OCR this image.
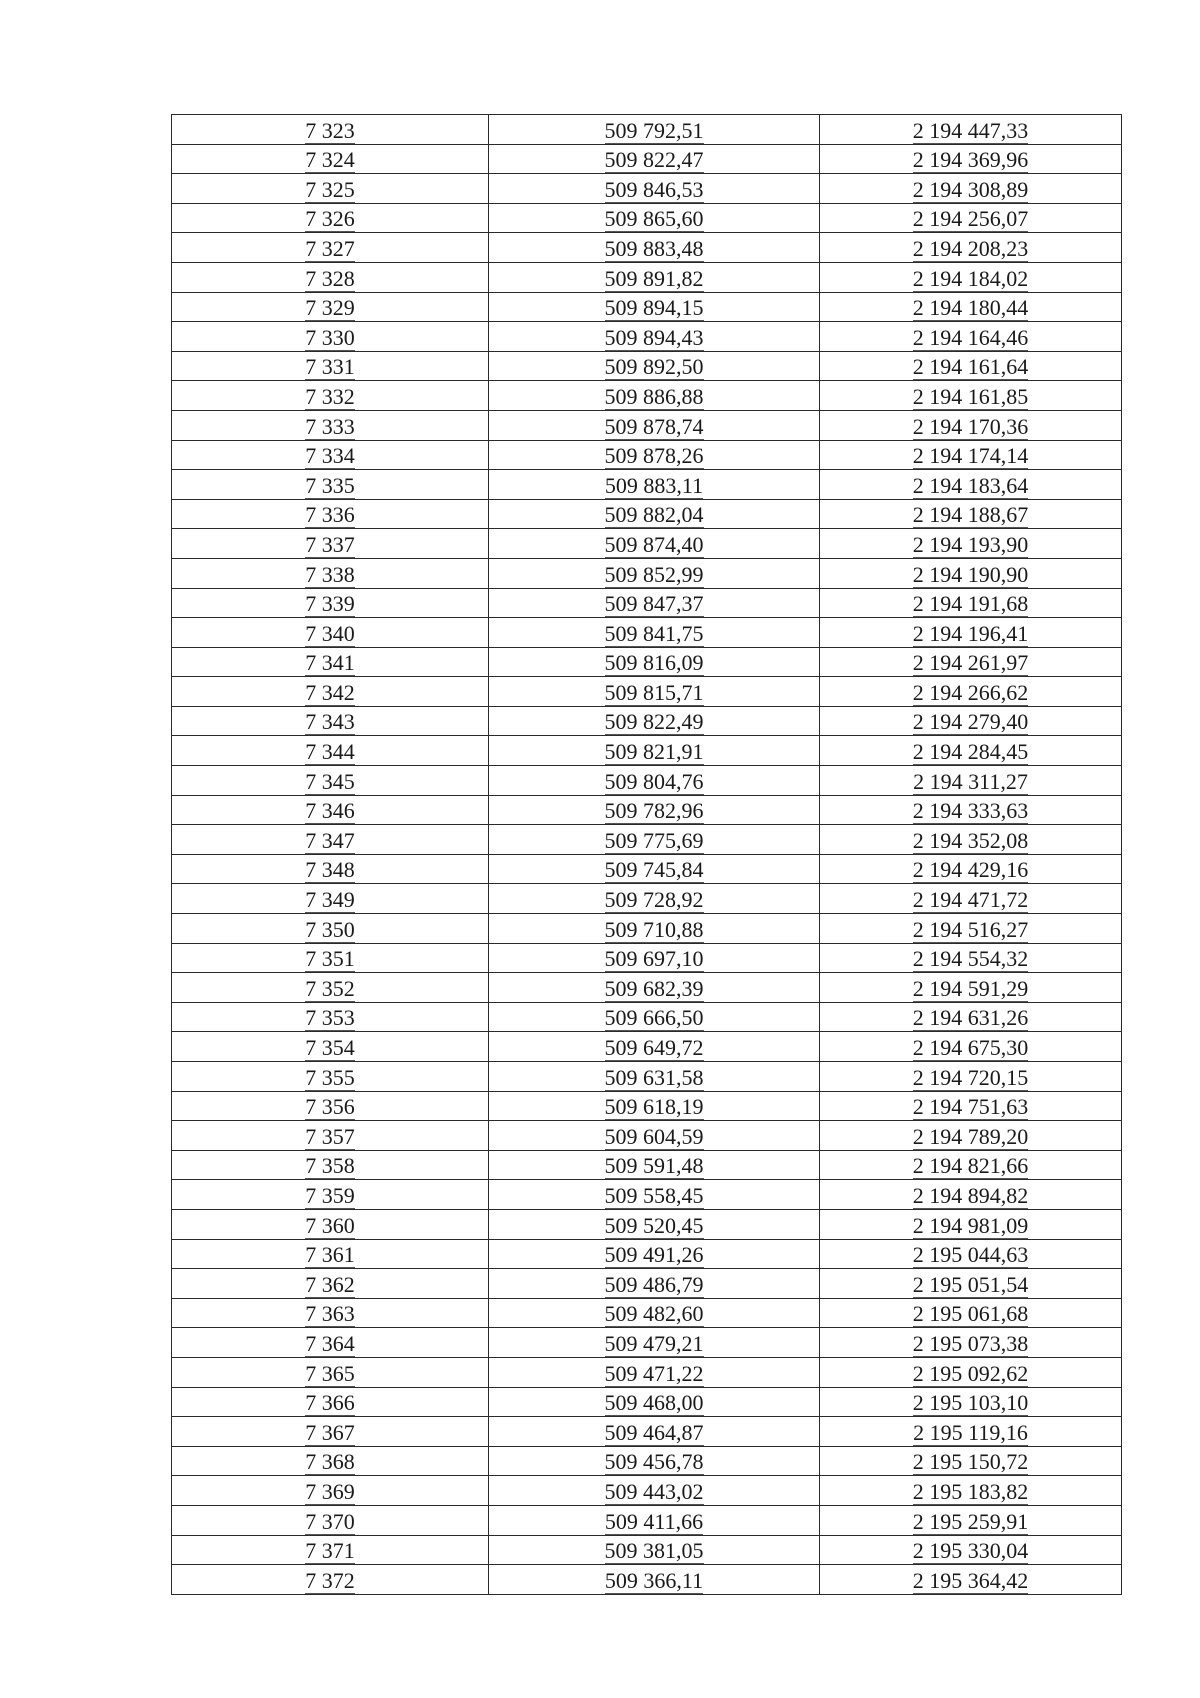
7 323	509 792,51	2 194 447,33
7 324	509 822,47	2 194 369,96
7 325	509 846,53	2 194 308,89
7 326	509 865,60	2 194 256,07
7 327	509 883,48	2 194 208,23
7 328	509 891,82	2 194 184,02
7 329	509 894,15	2 194 180,44
7 330	509 894,43	2 194 164,46
7 331	509 892,50	2 194 161,64
7 332	509 886,88	2 194 161,85
7 333	509 878,74	2 194 170,36
7 334	509 878,26	2 194 174,14
7 335	509 883,11	2 194 183,64
7 336	509 882,04	2 194 188,67
7 337	509 874,40	2 194 193,90
7 338	509 852,99	2 194 190,90
7 339	509 847,37	2 194 191,68
7 340	509 841,75	2 194 196,41
7 341	509 816,09	2 194 261,97
7 342	509 815,71	2 194 266,62
7 343	509 822,49	2 194 279,40
7 344	509 821,91	2 194 284,45
7 345	509 804,76	2 194 311,27
7 346	509 782,96	2 194 333,63
7 347	509 775,69	2 194 352,08
7 348	509 745,84	2 194 429,16
7 349	509 728,92	2 194 471,72
7 350	509 710,88	2 194 516,27
7 351	509 697,10	2 194 554,32
7 352	509 682,39	2 194 591,29
7 353	509 666,50	2 194 631,26
7 354	509 649,72	2 194 675,30
7 355	509 631,58	2 194 720,15
7 356	509 618,19	2 194 751,63
7 357	509 604,59	2 194 789,20
7 358	509 591,48	2 194 821,66
7 359	509 558,45	2 194 894,82
7 360	509 520,45	2 194 981,09
7 361	509 491,26	2 195 044,63
7 362	509 486,79	2 195 051,54
7 363	509 482,60	2 195 061,68
7 364	509 479,21	2 195 073,38
7 365	509 471,22	2 195 092,62
7 366	509 468,00	2 195 103,10
7 367	509 464,87	2 195 119,16
7 368	509 456,78	2 195 150,72
7 369	509 443,02	2 195 183,82
7 370	509 411,66	2 195 259,91
7 371	509 381,05	2 195 330,04
7 372	509 366,11	2 195 364,42
